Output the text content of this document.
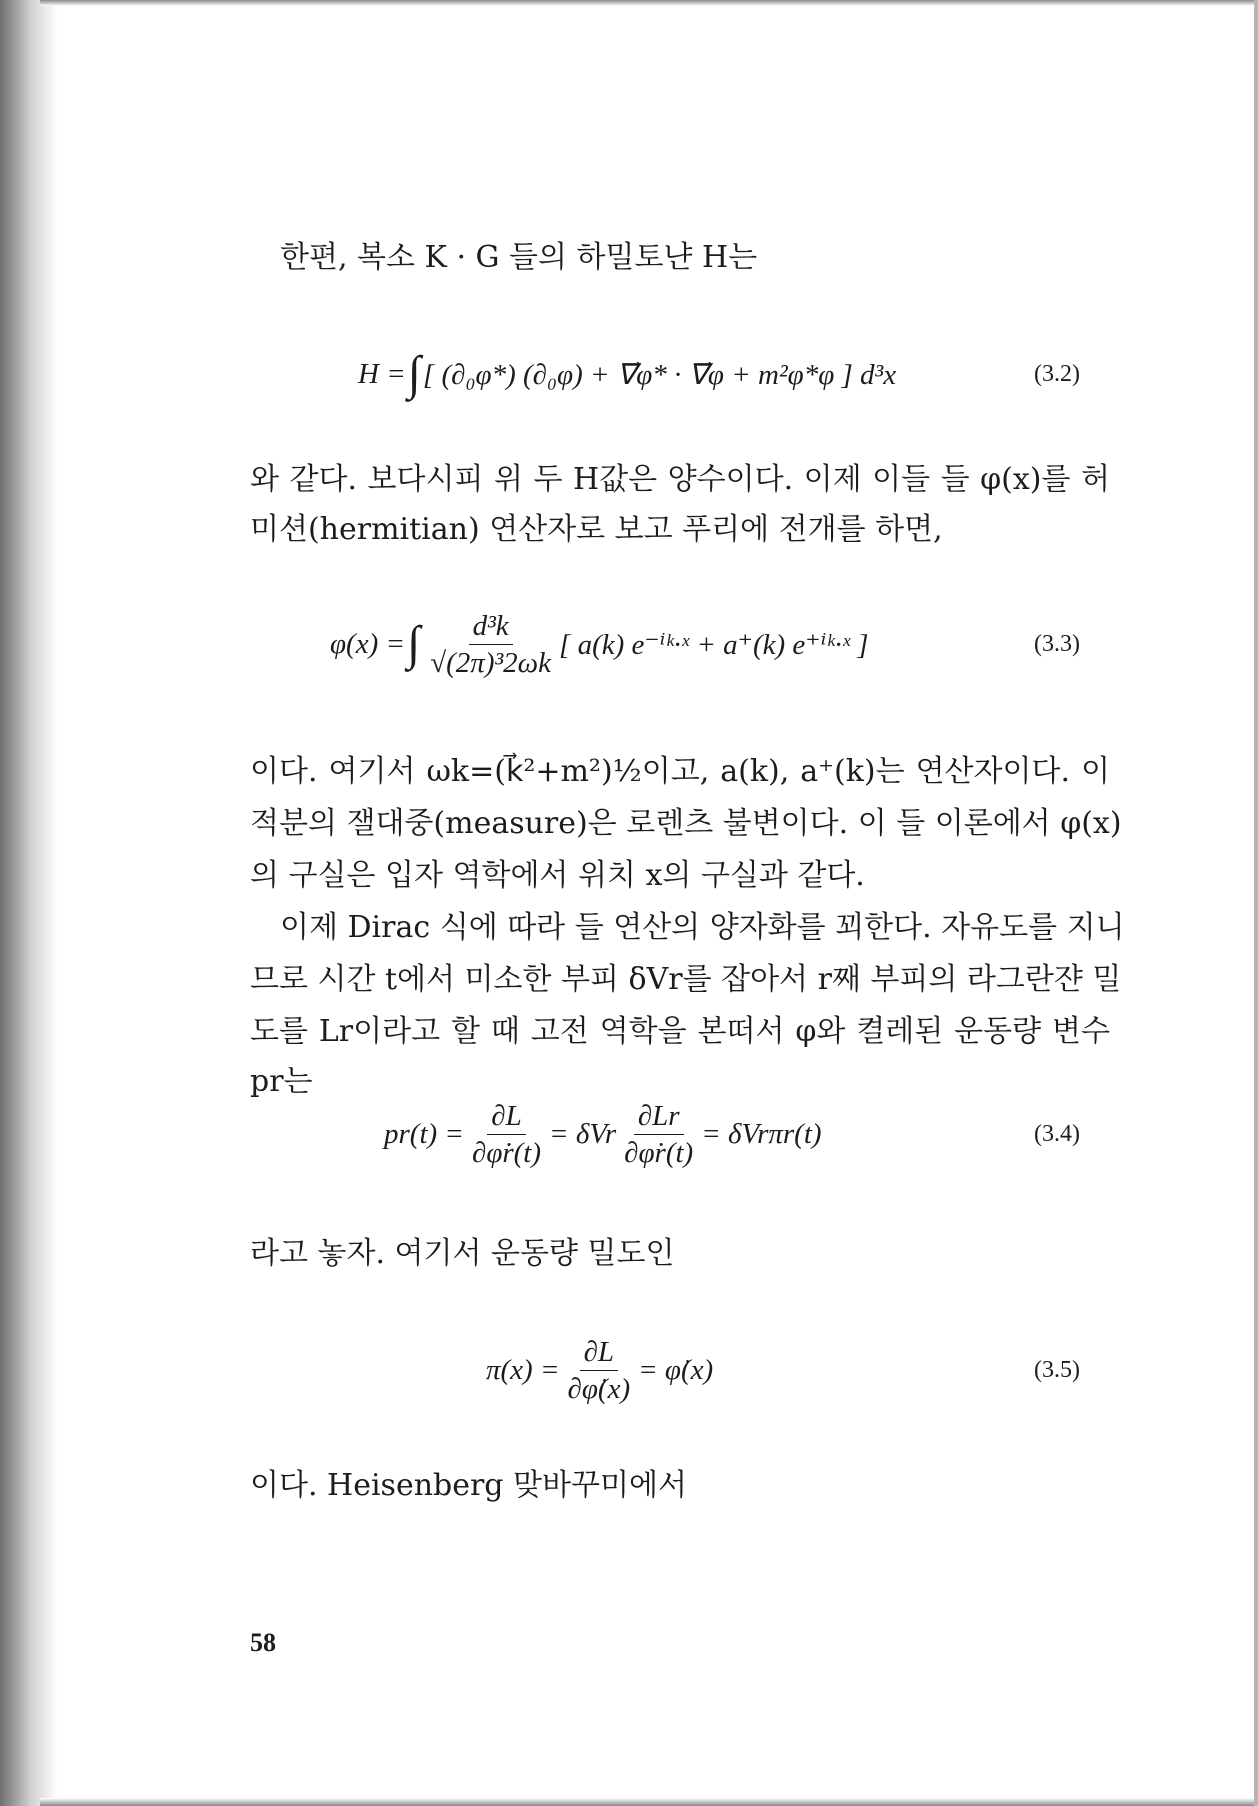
한편, 복소 K · G 들의 하밀토냔 H는
H = ∫ [ (∂₀φ*) (∂₀φ) + ∇⃗φ* · ∇⃗φ + m²φ*φ ] d³x	(3.2)
와 같다. 보다시피 위 두 H값은 양수이다. 이제 이들 들 φ(x)를 허
미션(hermitian) 연산자로 보고 푸리에 전개를 하면,
φ(x) = ∫ $\frac{\text{d³k}}{\text{√(2π)³2ωk}}$ [ a(k) e⁻ⁱᵏ·ˣ + a⁺(k) e⁺ⁱᵏ·ˣ ]	(3.3)
이다. 여기서 ωk=(k⃗²+m²)½이고, a(k), a⁺(k)는 연산자이다. 이
적분의 잴대중(measure)은 로렌츠 불변이다. 이 들 이론에서 φ(x)
의 구실은 입자 역학에서 위치 x의 구실과 같다.
이제 Dirac 식에 따라 들 연산의 양자화를 꾀한다. 자유도를 지니
므로 시간 t에서 미소한 부피 δVr를 잡아서 r째 부피의 라그란쟌 밀
도를 Lr이라고 할 때 고전 역학을 본떠서 φ와 켤레된 운동량 변수
pr는
$pr(t) = \frac{\partial L}{\partial\varphi̇r(t)} = \delta Vr \frac{\partial Lr}{\partial\varphi̇r(t)} = \delta Vr\pi r(t)$	(3.4)
라고 놓자. 여기서 운동량 밀도인
$\pi(x) = \frac{\partial L}{\partial\varphi̇(x)}$ = φ̇(x)	(3.5)
이다. Heisenberg 맞바꾸미에서
58
